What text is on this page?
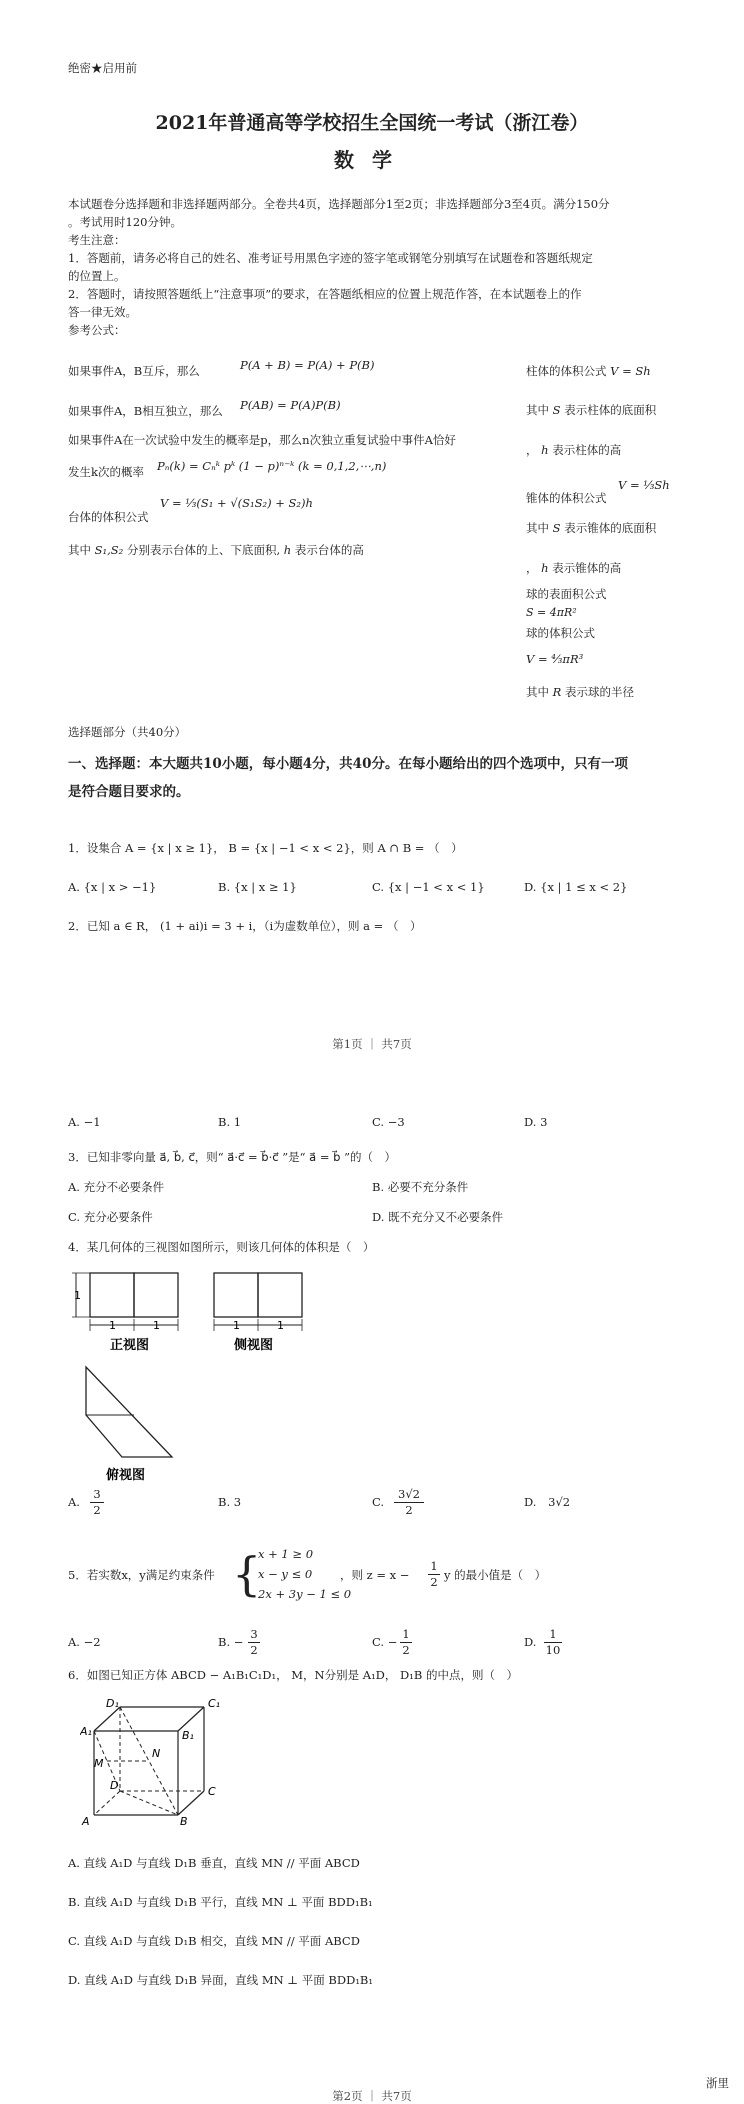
绝密★启用前
2021年普通高等学校招生全国统一考试（浙江卷）
数学
本试题卷分选择题和非选择题两部分。全卷共4页，选择题部分1至2页；非选择题部分3至4页。满分150分
。考试用时120分钟。
考生注意：
1．答题前，请务必将自己的姓名、准考证号用黑色字迹的签字笔或钢笔分别填写在试题卷和答题纸规定
的位置上。
2．答题时，请按照答题纸上“注意事项”的要求，在答题纸相应的位置上规范作答，在本试题卷上的作
答一律无效。
参考公式：
如果事件A，B互斥，那么	P(A + B) = P(A) + P(B)
如果事件A，B相互独立，那么 P(AB) = P(A)P(B)
如果事件A在一次试验中发生的概率是p，那么n次独立重复试验中事件A恰好
发生k次的概率 Pₙ(k) = Cₙᵏ pᵏ (1 − p)ⁿ⁻ᵏ (k = 0,1,2,⋯,n)
V = ⅓(S₁ + √(S₁S₂) + S₂)h
台体的体积公式
其中 S₁,S₂ 分别表示台体的上、下底面积, h 表示台体的高
柱体的体积公式 V = Sh
其中 S 表示柱体的底面积
， h 表示柱体的高
锥体的体积公式
V = ⅓Sh
其中 S 表示锥体的底面积
， h 表示锥体的高
球的表面积公式
S = 4πR²
球的体积公式
V = ⁴⁄₃πR³
其中 R 表示球的半径
选择题部分（共40分）
一、选择题：本大题共10小题，每小题4分，共40分。在每小题给出的四个选项中，只有一项
是符合题目要求的。
1．设集合 A = {x | x ≥ 1}， B = {x | −1 < x < 2}，则 A ∩ B = （　）
A. {x | x > −1}	B. {x | x ≥ 1}	C. {x | −1 < x < 1}	D. {x | 1 ≤ x < 2}
2．已知 a ∈ R， (1 + ai)i = 3 + i，（i为虚数单位），则 a = （　）
第1页 ｜ 共7页
A. −1	B. 1	C. −3	D. 3
3．已知非零向量 a⃗, b⃗, c⃗，则“ a⃗·c⃗ = b⃗·c⃗ ”是“ a⃗ = b⃗ ”的（　）
A. 充分不必要条件	B. 必要不充分条件
C. 充分必要条件	D. 既不充分又不必要条件
4．某几何体的三视图如图所示，则该几何体的体积是（　）
1
1	1
正视图
1	1
侧视图
俯视图
A. $\frac{3}{2}$	B. 3	C. $\frac{3√2}{2}$	D. 3√2
5．若实数x，y满足约束条件 {
x + 1 ≥ 0
x − y ≤ 0
2x + 3y − 1 ≤ 0
，则 $z = x - \frac{1}{2}$ y 的最小值是（　）
A. −2	B. − $\frac{3}{2}$	C. − $\frac{1}{2}$	D. $\frac{1}{10}$
6．如图已知正方体 ABCD − A₁B₁C₁D₁， M，N分别是 A₁D， D₁B 的中点，则（　）
D₁	C₁
A₁	B₁
M
N
D	C
A	B
A. 直线 A₁D 与直线 D₁B 垂直，直线 MN // 平面 ABCD
B. 直线 A₁D 与直线 D₁B 平行，直线 MN ⊥ 平面 BDD₁B₁
C. 直线 A₁D 与直线 D₁B 相交，直线 MN // 平面 ABCD
D. 直线 A₁D 与直线 D₁B 异面，直线 MN ⊥ 平面 BDD₁B₁
第2页 ｜ 共7页
浙里
